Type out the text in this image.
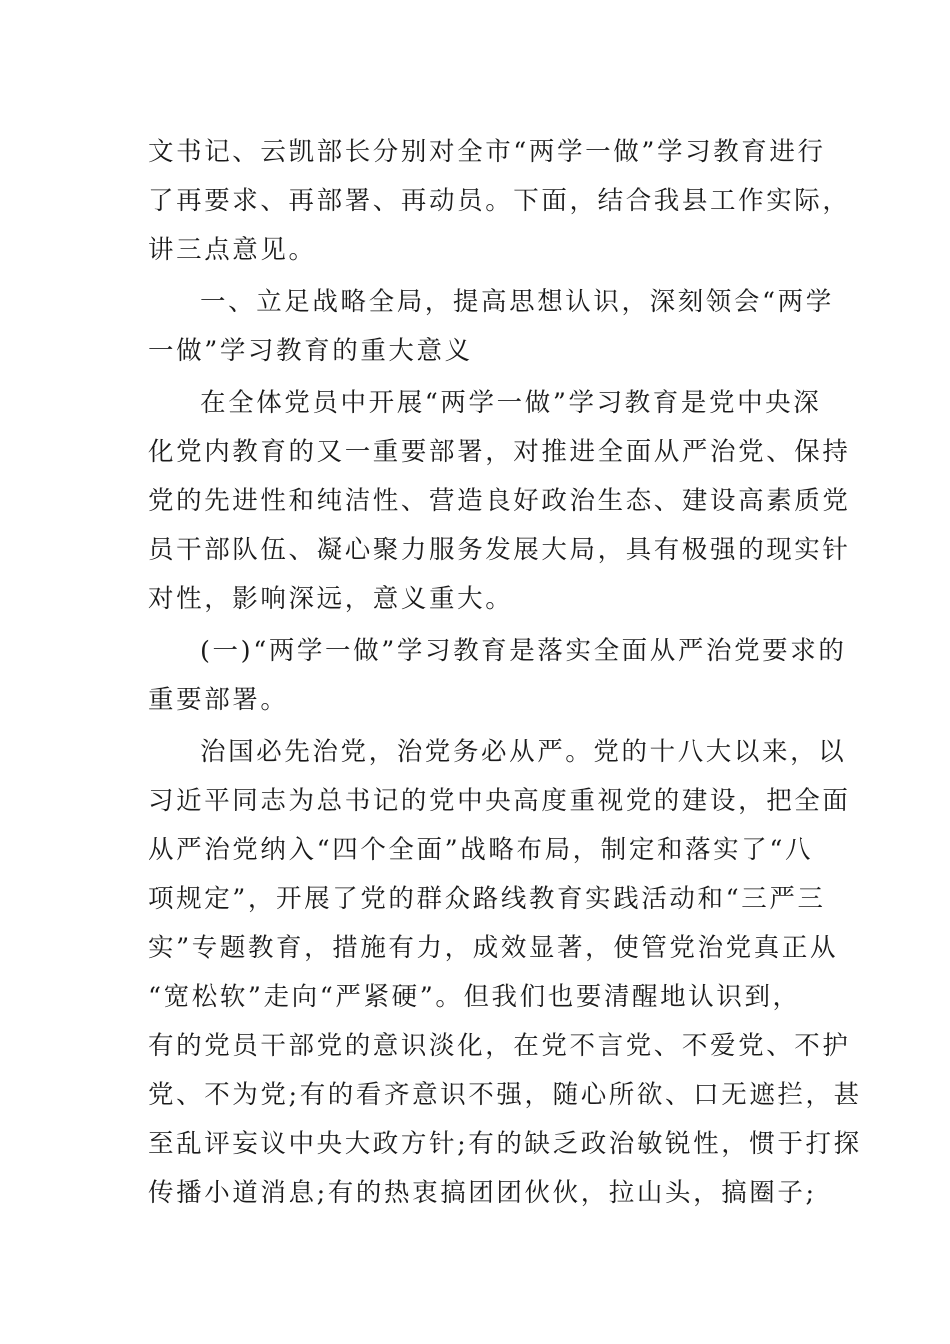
文书记、云凯部长分别对全市“两学一做”学习教育进行
了再要求、再部署、再动员。下面，结合我县工作实际，
讲三点意见。
一、立足战略全局，提高思想认识，深刻领会“两学
一做”学习教育的重大意义
在全体党员中开展“两学一做”学习教育是党中央深
化党内教育的又一重要部署，对推进全面从严治党、保持
党的先进性和纯洁性、营造良好政治生态、建设高素质党
员干部队伍、凝心聚力服务发展大局，具有极强的现实针
对性，影响深远，意义重大。
(一)“两学一做”学习教育是落实全面从严治党要求的
重要部署。
治国必先治党，治党务必从严。党的十八大以来，以
习近平同志为总书记的党中央高度重视党的建设，把全面
从严治党纳入“四个全面”战略布局，制定和落实了“八
项规定”，开展了党的群众路线教育实践活动和“三严三
实”专题教育，措施有力，成效显著，使管党治党真正从
“宽松软”走向“严紧硬”。但我们也要清醒地认识到，
有的党员干部党的意识淡化，在党不言党、不爱党、不护
党、不为党;有的看齐意识不强，随心所欲、口无遮拦，甚
至乱评妄议中央大政方针;有的缺乏政治敏锐性，惯于打探
传播小道消息;有的热衷搞团团伙伙，拉山头，搞圈子;
